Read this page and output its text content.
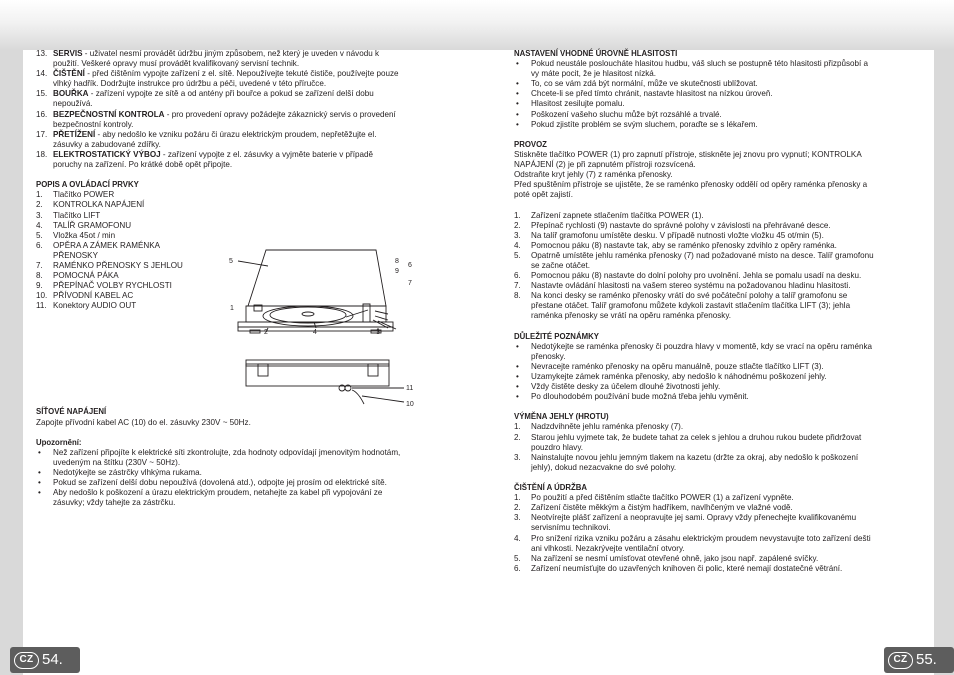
13. SERVIS - uživatel nesmí provádět údržbu jiným způsobem, než který je uveden v návodu k
použití. Veškeré opravy musí provádět kvalifikovaný servisní technik.
14. ČIŠTĚNÍ - před čištěním vypojte zařízení z el. sítě. Nepoužívejte tekuté čističe, používejte pouze
vlhký hadřík. Dodržujte instrukce pro údržbu a péči, uvedené v této příručce.
15. BOUŘKA - zařízení vypojte ze sítě a od antény při bouřce a pokud se zařízení delší dobu
nepoužívá.
16. BEZPEČNOSTNÍ KONTROLA - pro provedení opravy požádejte zákaznický servis o provedení
bezpečnostní kontroly.
17. PŘETÍŽENÍ - aby nedošlo ke vzniku požáru či úrazu elektrickým proudem, nepřetěžujte el.
zásuvky a zabudované zdířky.
18. ELEKTROSTATICKÝ VÝBOJ - zařízení vypojte z el. zásuvky a vyjměte baterie v případě
poruchy na zařízení. Po krátké době opět připojte.
POPIS A OVLÁDACÍ PRVKY
1. Tlačítko POWER
2. KONTROLKA NAPÁJENÍ
3. Tlačítko LIFT
4. TALÍŘ GRAMOFONU
5. Vložka 45ot / min
6. OPĚRA A ZÁMEK RAMÉNKA
PŘENOSKY
7. RAMÉNKO PŘENOSKY S JEHLOU
8. POMOCNÁ PÁKA
9. PŘEPÍNAČ VOLBY RYCHLOSTI
10. PŘÍVODNÍ KABEL AC
11. Konektory AUDIO OUT
SÍŤOVÉ NAPÁJENÍ
Zapojte přívodní kabel AC (10) do el. zásuvky 230V ~ 50Hz.
Upozornění:
• Než zařízení připojíte k elektrické síti zkontrolujte, zda hodnoty odpovídají jmenovitým hodnotám,
uvedeným na štítku (230V ~ 50Hz).
• Nedotýkejte se zástrčky vlhkýma rukama.
• Pokud se zařízení delší dobu nepoužívá (dovolená atd.), odpojte jej prosím od elektrické sítě.
• Aby nedošlo k poškození a úrazu elektrickým proudem, netahejte za kabel při vypojování ze
zásuvky; vždy tahejte za zástrčku.
5	8
9
6
7
1
2	4	3
11
10
NASTAVENÍ VHODNÉ ÚROVNĚ HLASITOSTI
• Pokud neustále posloucháte hlasitou hudbu, váš sluch se postupně této hlasitosti přizpůsobí a
vy máte pocit, že je hlasitost nízká.
• To, co se vám zdá být normální, může ve skutečnosti ublížovat.
• Chcete-li se před tímto chránit, nastavte hlasitost na nízkou úroveň.
• Hlasitost zesilujte pomalu.
• Poškození vašeho sluchu může být rozsáhlé a trvalé.
• Pokud zjistíte problém se svým sluchem, poraďte se s lékařem.
PROVOZ
Stiskněte tlačítko POWER (1) pro zapnutí přístroje, stiskněte jej znovu pro vypnutí; KONTROLKA
NAPÁJENÍ (2) je při zapnutém přístroji rozsvícená.
Odstraňte kryt jehly (7) z raménka přenosky.
Před spuštěním přístroje se ujistěte, že se raménko přenosky oddělí od opěry raménka přenosky a
poté opět zajistí.
1. Zařízení zapnete stlačením tlačítka POWER (1).
2. Přepínač rychlosti (9) nastavte do správné polohy v závislosti na přehrávané desce.
3. Na talíř gramofonu umístěte desku. V případě nutnosti vložte vložku 45 ot/min (5).
4. Pomocnou páku (8) nastavte tak, aby se raménko přenosky zdvihlo z opěry raménka.
5. Opatrně umístěte jehlu raménka přenosky (7) nad požadované místo na desce. Talíř gramofonu
se začne otáčet.
6. Pomocnou páku (8) nastavte do dolní polohy pro uvolnění. Jehla se pomalu usadí na desku.
7. Nastavte ovládání hlasitosti na vašem stereo systému na požadovanou hladinu hlasitosti.
8. Na konci desky se raménko přenosky vrátí do své počáteční polohy a talíř gramofonu se
přestane otáčet. Talíř gramofonu můžete kdykoli zastavit stlačením tlačítka LIFT (3); jehla
raménka přenosky se vrátí na opěru raménka přenosky.
DŮLEŽITÉ POZNÁMKY
• Nedotýkejte se raménka přenosky či pouzdra hlavy v momentě, kdy se vrací na opěru raménka
přenosky.
• Nevracejte raménko přenosky na opěru manuálně, pouze stlačte tlačítko LIFT (3).
• Uzamykejte zámek raménka přenosky, aby nedošlo k náhodnému poškození jehly.
• Vždy čistěte desky za účelem dlouhé životnosti jehly.
• Po dlouhodobém používání bude možná třeba jehlu vyměnit.
VÝMĚNA JEHLY (HROTU)
1. Nadzdvihněte jehlu raménka přenosky (7).
2. Starou jehlu vyjmete tak, že budete tahat za celek s jehlou a druhou rukou budete přidržovat
pouzdro hlavy.
3. Nainstalujte novou jehlu jemným tlakem na kazetu (držte za okraj, aby nedošlo k poškození
jehly), dokud nezacvakne do své polohy.
ČIŠTĚNÍ A ÚDRŽBA
1. Po použití a před čištěním stlačte tlačítko POWER (1) a zařízení vypněte.
2. Zařízení čistěte měkkým a čistým hadříkem, navlhčeným ve vlažné vodě.
3. Neotvírejte plášť zařízení a neopravujte jej sami. Opravy vždy přenechejte kvalifikovanému
servisnímu technikovi.
4. Pro snížení rizika vzniku požáru a zásahu elektrickým proudem nevystavujte toto zařízení dešti
ani vlhkosti. Nezakrývejte ventilační otvory.
5. Na zařízení se nesmí umísťovat otevřené ohně, jako jsou např. zapálené svíčky.
6. Zařízení neumísťujte do uzavřených knihoven či polic, které nemají dostatečné větrání.
CZ 54.	CZ 55.
